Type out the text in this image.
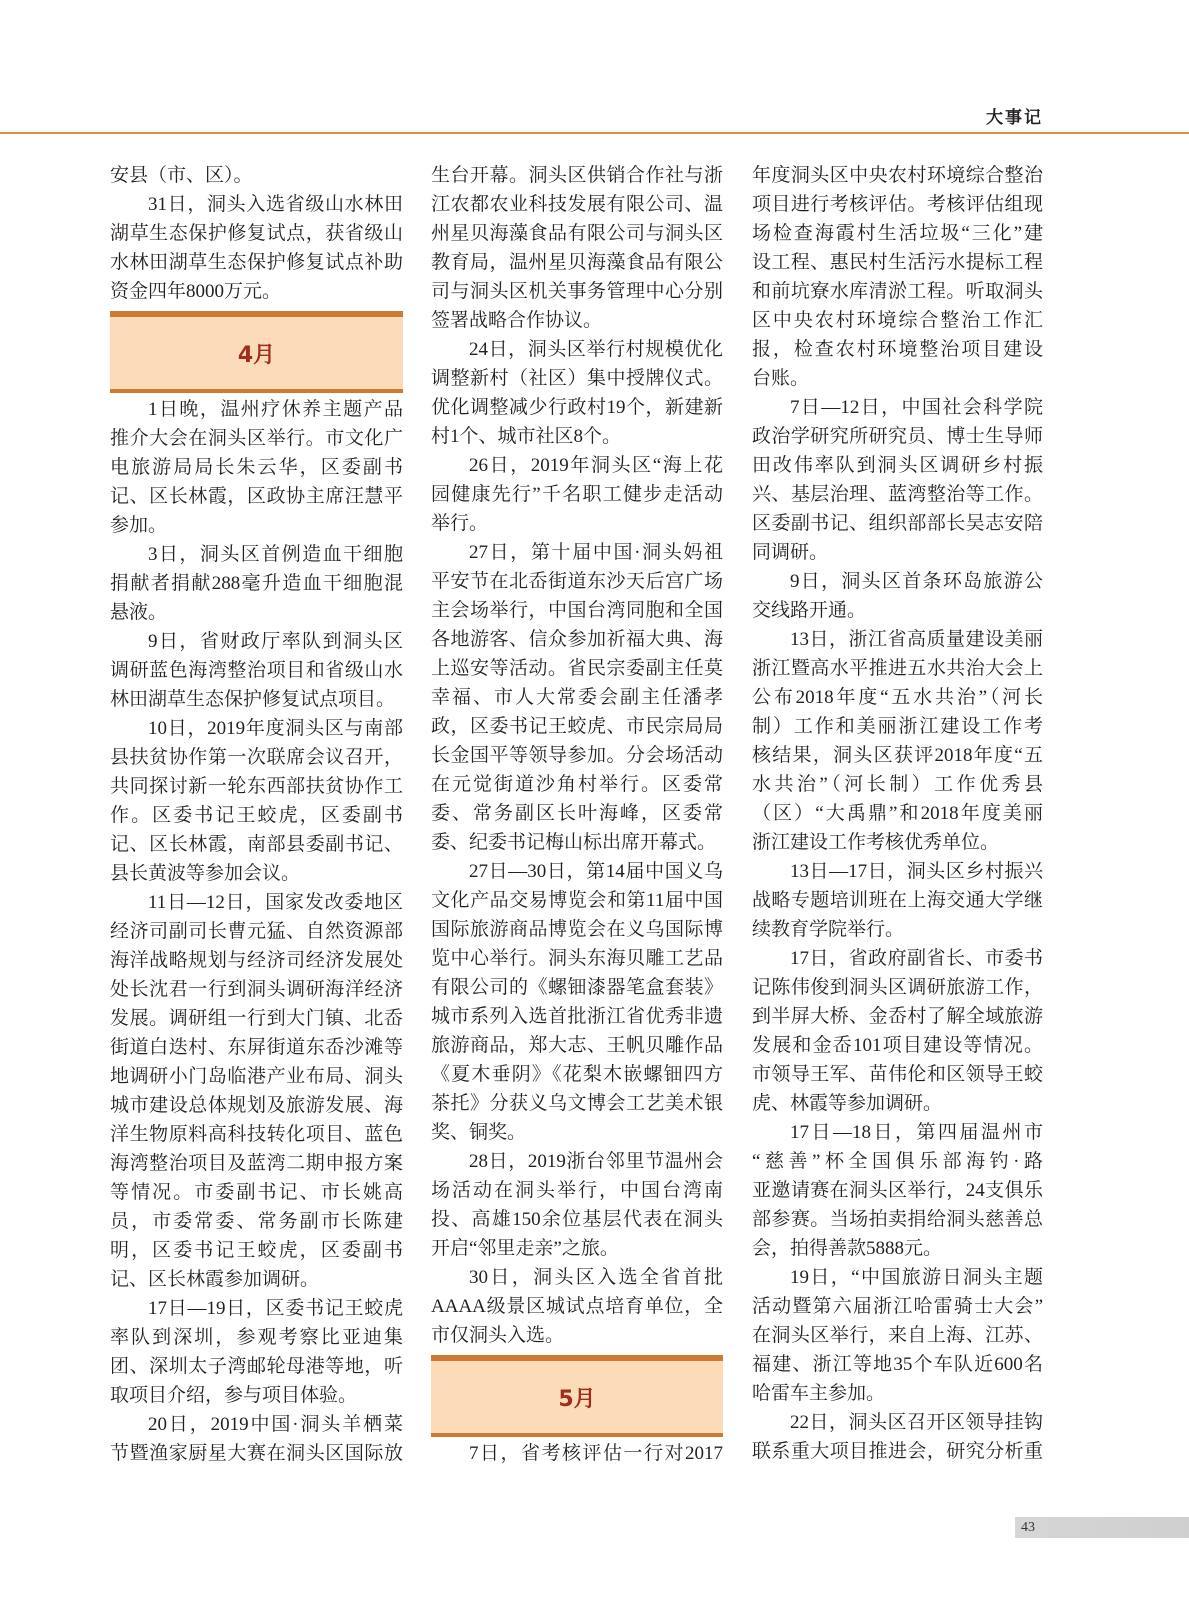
大事记
安县（市、区）。
31日，洞头入选省级山水林田
湖草生态保护修复试点，获省级山
水林田湖草生态保护修复试点补助
资金四年8000万元。
4月
1日晚，温州疗休养主题产品
推介大会在洞头区举行。市文化广
电旅游局局长朱云华，区委副书
记、区长林霞，区政协主席汪慧平
参加。
3日，洞头区首例造血干细胞
捐献者捐献288毫升造血干细胞混
悬液。
9日，省财政厅率队到洞头区
调研蓝色海湾整治项目和省级山水
林田湖草生态保护修复试点项目。
10日，2019年度洞头区与南部
县扶贫协作第一次联席会议召开，
共同探讨新一轮东西部扶贫协作工
作。区委书记王蛟虎，区委副书
记、区长林霞，南部县委副书记、
县长黄波等参加会议。
11日—12日，国家发改委地区
经济司副司长曹元猛、自然资源部
海洋战略规划与经济司经济发展处
处长沈君一行到洞头调研海洋经济
发展。调研组一行到大门镇、北岙
街道白迭村、东屏街道东岙沙滩等
地调研小门岛临港产业布局、洞头
城市建设总体规划及旅游发展、海
洋生物原料高科技转化项目、蓝色
海湾整治项目及蓝湾二期申报方案
等情况。市委副书记、市长姚高
员，市委常委、常务副市长陈建
明，区委书记王蛟虎，区委副书
记、区长林霞参加调研。
17日—19日，区委书记王蛟虎
率队到深圳，参观考察比亚迪集
团、深圳太子湾邮轮母港等地，听
取项目介绍，参与项目体验。
20日，2019中国·洞头羊栖菜
节暨渔家厨星大赛在洞头区国际放
生台开幕。洞头区供销合作社与浙
江农都农业科技发展有限公司、温
州星贝海藻食品有限公司与洞头区
教育局，温州星贝海藻食品有限公
司与洞头区机关事务管理中心分别
签署战略合作协议。
24日，洞头区举行村规模优化
调整新村（社区）集中授牌仪式。
优化调整减少行政村19个，新建新
村1个、城市社区8个。
26日，2019年洞头区“海上花
园健康先行”千名职工健步走活动
举行。
27日，第十届中国·洞头妈祖
平安节在北岙街道东沙天后宫广场
主会场举行，中国台湾同胞和全国
各地游客、信众参加祈福大典、海
上巡安等活动。省民宗委副主任莫
幸福、市人大常委会副主任潘孝
政，区委书记王蛟虎、市民宗局局
长金国平等领导参加。分会场活动
在元觉街道沙角村举行。区委常
委、常务副区长叶海峰，区委常
委、纪委书记梅山标出席开幕式。
27日—30日，第14届中国义乌
文化产品交易博览会和第11届中国
国际旅游商品博览会在义乌国际博
览中心举行。洞头东海贝雕工艺品
有限公司的《螺钿漆器笔盒套装》
城市系列入选首批浙江省优秀非遗
旅游商品，郑大志、王帆贝雕作品
《夏木垂阴》《花梨木嵌螺钿四方
茶托》分获义乌文博会工艺美术银
奖、铜奖。
28日，2019浙台邻里节温州会
场活动在洞头举行，中国台湾南
投、高雄150余位基层代表在洞头
开启“邻里走亲”之旅。
30日，洞头区入选全省首批
AAAA级景区城试点培育单位，全
市仅洞头入选。
5月
7日，省考核评估一行对2017
年度洞头区中央农村环境综合整治
项目进行考核评估。考核评估组现
场检查海霞村生活垃圾“三化”建
设工程、惠民村生活污水提标工程
和前坑寮水库清淤工程。听取洞头
区中央农村环境综合整治工作汇
报，检查农村环境整治项目建设
台账。
7日—12日，中国社会科学院
政治学研究所研究员、博士生导师
田改伟率队到洞头区调研乡村振
兴、基层治理、蓝湾整治等工作。
区委副书记、组织部部长吴志安陪
同调研。
9日，洞头区首条环岛旅游公
交线路开通。
13日，浙江省高质量建设美丽
浙江暨高水平推进五水共治大会上
公布2018年度“五水共治”（河长
制）工作和美丽浙江建设工作考
核结果，洞头区获评2018年度“五
水共治”（河长制）工作优秀县
（区）“大禹鼎”和2018年度美丽
浙江建设工作考核优秀单位。
13日—17日，洞头区乡村振兴
战略专题培训班在上海交通大学继
续教育学院举行。
17日，省政府副省长、市委书
记陈伟俊到洞头区调研旅游工作，
到半屏大桥、金岙村了解全域旅游
发展和金岙101项目建设等情况。
市领导王军、苗伟伦和区领导王蛟
虎、林霞等参加调研。
17日—18日，第四届温州市
“慈善”杯全国俱乐部海钓·路
亚邀请赛在洞头区举行，24支俱乐
部参赛。当场拍卖捐给洞头慈善总
会，拍得善款5888元。
19日，“中国旅游日洞头主题
活动暨第六届浙江哈雷骑士大会”
在洞头区举行，来自上海、江苏、
福建、浙江等地35个车队近600名
哈雷车主参加。
22日，洞头区召开区领导挂钩
联系重大项目推进会，研究分析重
43
